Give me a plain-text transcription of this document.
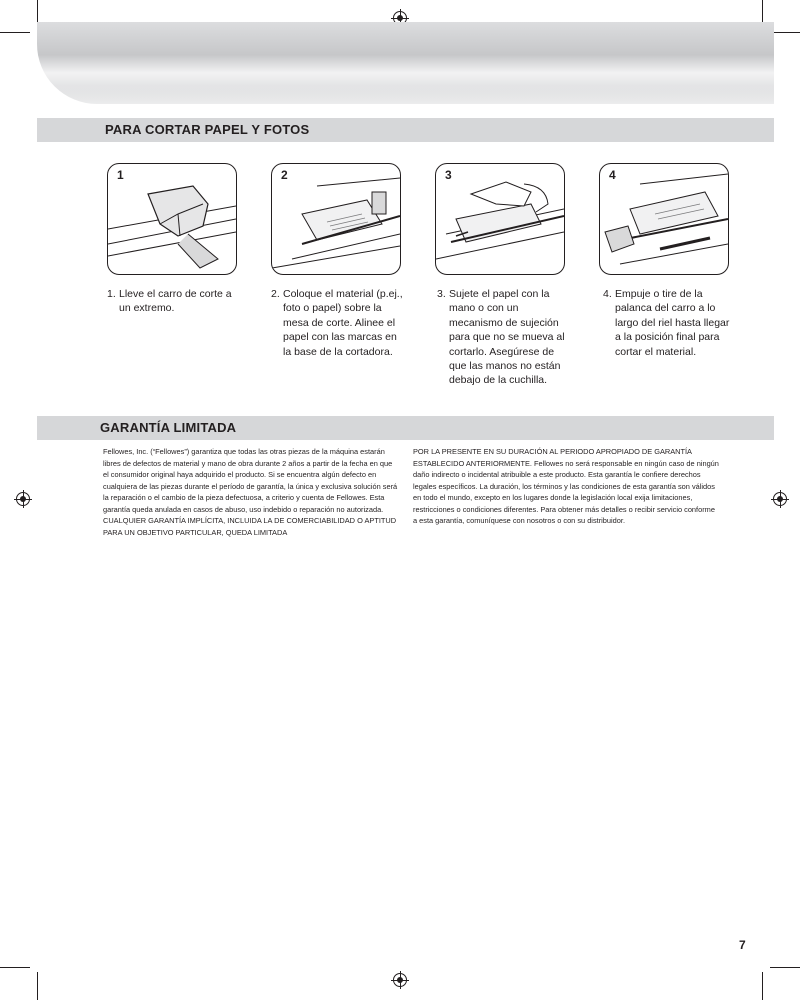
PARA CORTAR PAPEL Y FOTOS
1	2	3	4
1. Lleve el carro de corte a un extremo.
2. Coloque el material (p.ej., foto o papel) sobre la mesa de corte. Alinee el papel con las marcas en la base de la cortadora.
3. Sujete el papel con la mano o con un mecanismo de sujeción para que no se mueva al cortarlo. Asegúrese de que las manos no están debajo de la cuchilla.
4. Empuje o tire de la palanca del carro a lo largo del riel hasta llegar a la posición final para cortar el material.
GARANTÍA LIMITADA
Fellowes, Inc. (“Fellowes”) garantiza que todas las otras piezas de la máquina estarán libres de defectos de material y mano de obra durante 2 años a partir de la fecha en que el consumidor original haya adquirido el producto. Si se encuentra algún defecto en cualquiera de las piezas durante el período de garantía, la única y exclusiva solución será la reparación o el cambio de la pieza defectuosa, a criterio y cuenta de Fellowes. Esta garantía queda anulada en casos de abuso, uso indebido o reparación no autorizada. CUALQUIER GARANTÍA IMPLÍCITA, INCLUIDA LA DE COMERCIABILIDAD O APTITUD PARA UN OBJETIVO PARTICULAR, QUEDA LIMITADA
POR LA PRESENTE EN SU DURACIÓN AL PERIODO APROPIADO DE GARANTÍA ESTABLECIDO ANTERIORMENTE. Fellowes no será responsable en ningún caso de ningún daño indirecto o incidental atribuible a este producto. Esta garantía le confiere derechos legales específicos. La duración, los términos y las condiciones de esta garantía son válidos en todo el mundo, excepto en los lugares donde la legislación local exija limitaciones, restricciones o condiciones diferentes. Para obtener más detalles o recibir servicio conforme a esta garantía, comuníquese con nosotros o con su distribuidor.
7
